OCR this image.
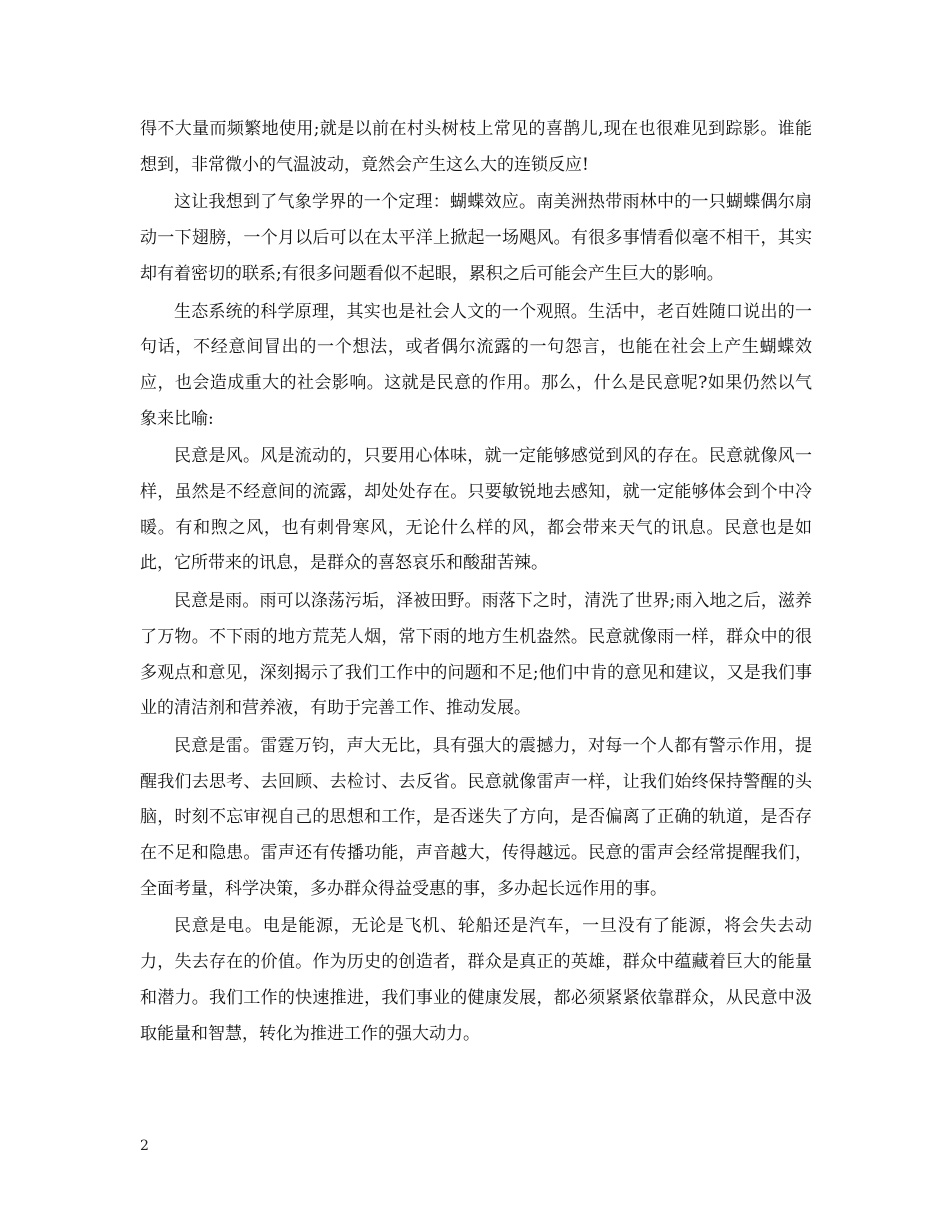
得不大量而频繁地使用;就是以前在村头树枝上常见的喜鹊儿,现在也很难见到踪影。谁能想到，非常微小的气温波动，竟然会产生这么大的连锁反应!

这让我想到了气象学界的一个定理：蝴蝶效应。南美洲热带雨林中的一只蝴蝶偶尔扇动一下翅膀，一个月以后可以在太平洋上掀起一场飓风。有很多事情看似毫不相干，其实却有着密切的联系;有很多问题看似不起眼，累积之后可能会产生巨大的影响。

生态系统的科学原理，其实也是社会人文的一个观照。生活中，老百姓随口说出的一句话，不经意间冒出的一个想法，或者偶尔流露的一句怨言，也能在社会上产生蝴蝶效应，也会造成重大的社会影响。这就是民意的作用。那么，什么是民意呢?如果仍然以气象来比喻:

民意是风。风是流动的，只要用心体味，就一定能够感觉到风的存在。民意就像风一样，虽然是不经意间的流露，却处处存在。只要敏锐地去感知，就一定能够体会到个中冷暖。有和煦之风，也有刺骨寒风，无论什么样的风，都会带来天气的讯息。民意也是如此，它所带来的讯息，是群众的喜怒哀乐和酸甜苦辣。

民意是雨。雨可以涤荡污垢，泽被田野。雨落下之时，清洗了世界;雨入地之后，滋养了万物。不下雨的地方荒芜人烟，常下雨的地方生机盎然。民意就像雨一样，群众中的很多观点和意见，深刻揭示了我们工作中的问题和不足;他们中肯的意见和建议，又是我们事业的清洁剂和营养液，有助于完善工作、推动发展。

民意是雷。雷霆万钧，声大无比，具有强大的震撼力，对每一个人都有警示作用，提醒我们去思考、去回顾、去检讨、去反省。民意就像雷声一样，让我们始终保持警醒的头脑，时刻不忘审视自己的思想和工作，是否迷失了方向，是否偏离了正确的轨道，是否存在不足和隐患。雷声还有传播功能，声音越大，传得越远。民意的雷声会经常提醒我们，全面考量，科学决策，多办群众得益受惠的事，多办起长远作用的事。

民意是电。电是能源，无论是飞机、轮船还是汽车，一旦没有了能源，将会失去动力，失去存在的价值。作为历史的创造者，群众是真正的英雄，群众中蕴藏着巨大的能量和潜力。我们工作的快速推进，我们事业的健康发展，都必须紧紧依靠群众，从民意中汲取能量和智慧，转化为推进工作的强大动力。

2
